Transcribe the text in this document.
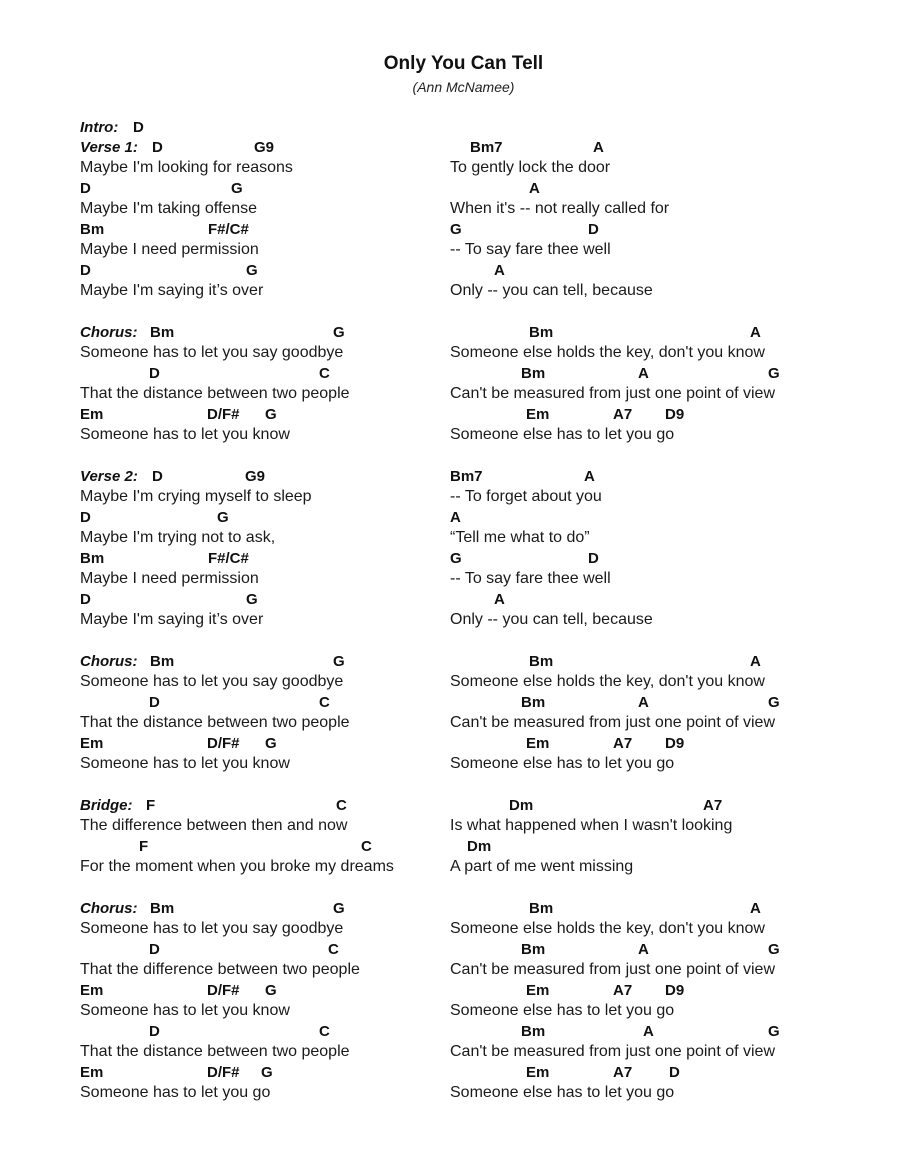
Only You Can Tell
(Ann McNamee)
Intro: D
Verse 1: D	G9
Maybe I'm looking for reasons
D	G
Maybe I'm taking offense
Bm	F#/C#
Maybe I need permission
D	G
Maybe I'm saying it’s over
Bm7	A
To gently lock the door
A
When it's -- not really called for
G	D
-- To say fare thee well
A
Only -- you can tell, because
Chorus: Bm	G
Someone has to let you say goodbye
D	C
That the distance between two people
Em	D/F# G
Someone has to let you know
Bm	A
Someone else holds the key, don't you know
Bm	A	G
Can't be measured from just one point of view
Em	A7 D9
Someone else has to let you go
Verse 2: D	G9
Maybe I'm crying myself to sleep
D	G
Maybe I'm trying not to ask,
Bm	F#/C#
Maybe I need permission
D	G
Maybe I'm saying it’s over
Bm7	A
-- To forget about you
A
“Tell me what to do”
G	D
-- To say fare thee well
A
Only -- you can tell, because
Chorus: Bm	G
Someone has to let you say goodbye
D	C
That the distance between two people
Em	D/F# G
Someone has to let you know
Bm	A
Someone else holds the key, don't you know
Bm	A	G
Can't be measured from just one point of view
Em	A7 D9
Someone else has to let you go
Bridge: F	C
The difference between then and now
F	C
For the moment when you broke my dreams
Dm	A7
Is what happened when I wasn't looking
Dm
A part of me went missing
Chorus: Bm	G
Someone has to let you say goodbye
D	C
That the difference between two people
Em	D/F# G
Someone has to let you know
D	C
That the distance between two people
Em	D/F# G
Someone has to let you go
Bm	A
Someone else holds the key, don't you know
Bm	A	G
Can't be measured from just one point of view
Em	A7 D9
Someone else has to let you go
Bm	A	G
Can't be measured from just one point of view
Em	A7 D
Someone else has to let you go
